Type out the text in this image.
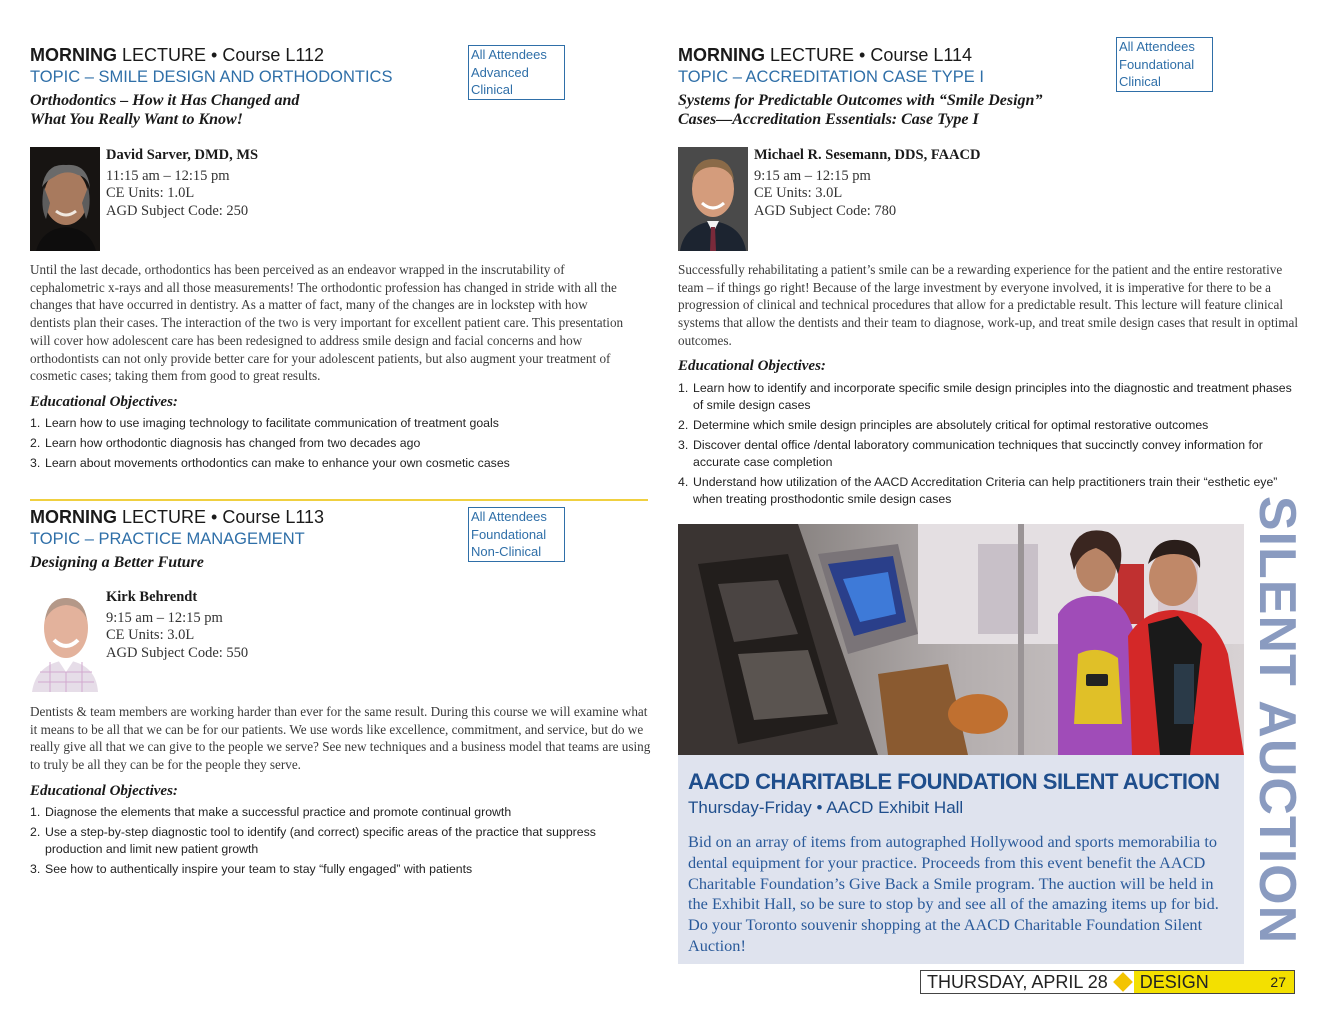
MORNING LECTURE • Course L112
TOPIC – SMILE DESIGN AND ORTHODONTICS
Orthodontics – How it Has Changed and
What You Really Want to Know!
All Attendees
Advanced
Clinical
David Sarver, DMD, MS
11:15 am – 12:15 pm
CE Units: 1.0L
AGD Subject Code: 250
Until the last decade, orthodontics has been perceived as an endeavor wrapped in the inscrutability of cephalometric x-rays and all those measurements! The orthodontic profession has changed in stride with all the changes that have occurred in dentistry. As a matter of fact, many of the changes are in lockstep with how dentists plan their cases. The interaction of the two is very important for excellent patient care. This presentation will cover how adolescent care has been redesigned to address smile design and facial concerns and how orthodontists can not only provide better care for your adolescent patients, but also augment your treatment of cosmetic cases; taking them from good to great results.
Educational Objectives:
1. Learn how to use imaging technology to facilitate communication of treatment goals
2. Learn how orthodontic diagnosis has changed from two decades ago
3. Learn about movements orthodontics can make to enhance your own cosmetic cases
MORNING LECTURE • Course L113
TOPIC – PRACTICE MANAGEMENT
Designing a Better Future
All Attendees
Foundational
Non-Clinical
Kirk Behrendt
9:15 am – 12:15 pm
CE Units: 3.0L
AGD Subject Code: 550
Dentists & team members are working harder than ever for the same result. During this course we will examine what it means to be all that we can be for our patients. We use words like excellence, commitment, and service, but do we really give all that we can give to the people we serve? See new techniques and a business model that teams are using to truly be all they can be for the people they serve.
Educational Objectives:
1. Diagnose the elements that make a successful practice and promote continual growth
2. Use a step-by-step diagnostic tool to identify (and correct) specific areas of the practice that suppress production and limit new patient growth
3. See how to authentically inspire your team to stay “fully engaged” with patients
MORNING LECTURE • Course L114
TOPIC – ACCREDITATION CASE TYPE I
Systems for Predictable Outcomes with “Smile Design”
Cases—Accreditation Essentials: Case Type I
All Attendees
Foundational
Clinical
Michael R. Sesemann, DDS, FAACD
9:15 am – 12:15 pm
CE Units: 3.0L
AGD Subject Code: 780
Successfully rehabilitating a patient’s smile can be a rewarding experience for the patient and the entire restorative team – if things go right! Because of the large investment by everyone involved, it is imperative for there to be a progression of clinical and technical procedures that allow for a predictable result. This lecture will feature clinical systems that allow the dentists and their team to diagnose, work-up, and treat smile design cases that result in optimal outcomes.
Educational Objectives:
1. Learn how to identify and incorporate specific smile design principles into the diagnostic and treatment phases of smile design cases
2. Determine which smile design principles are absolutely critical for optimal restorative outcomes
3. Discover dental office /dental laboratory communication techniques that succinctly convey information for accurate case completion
4. Understand how utilization of the AACD Accreditation Criteria can help practitioners train their “esthetic eye” when treating prosthodontic smile design cases
AACD CHARITABLE FOUNDATION SILENT AUCTION
Thursday-Friday • AACD Exhibit Hall
Bid on an array of items from autographed Hollywood and sports memorabilia to dental equipment for your practice. Proceeds from this event benefit the AACD Charitable Foundation’s Give Back a Smile program. The auction will be held in the Exhibit Hall, so be sure to stop by and see all of the amazing items up for bid. Do your Toronto souvenir shopping at the AACD Charitable Foundation Silent Auction!
SILENT AUCTION
THURSDAY, APRIL 28	DESIGN	27
